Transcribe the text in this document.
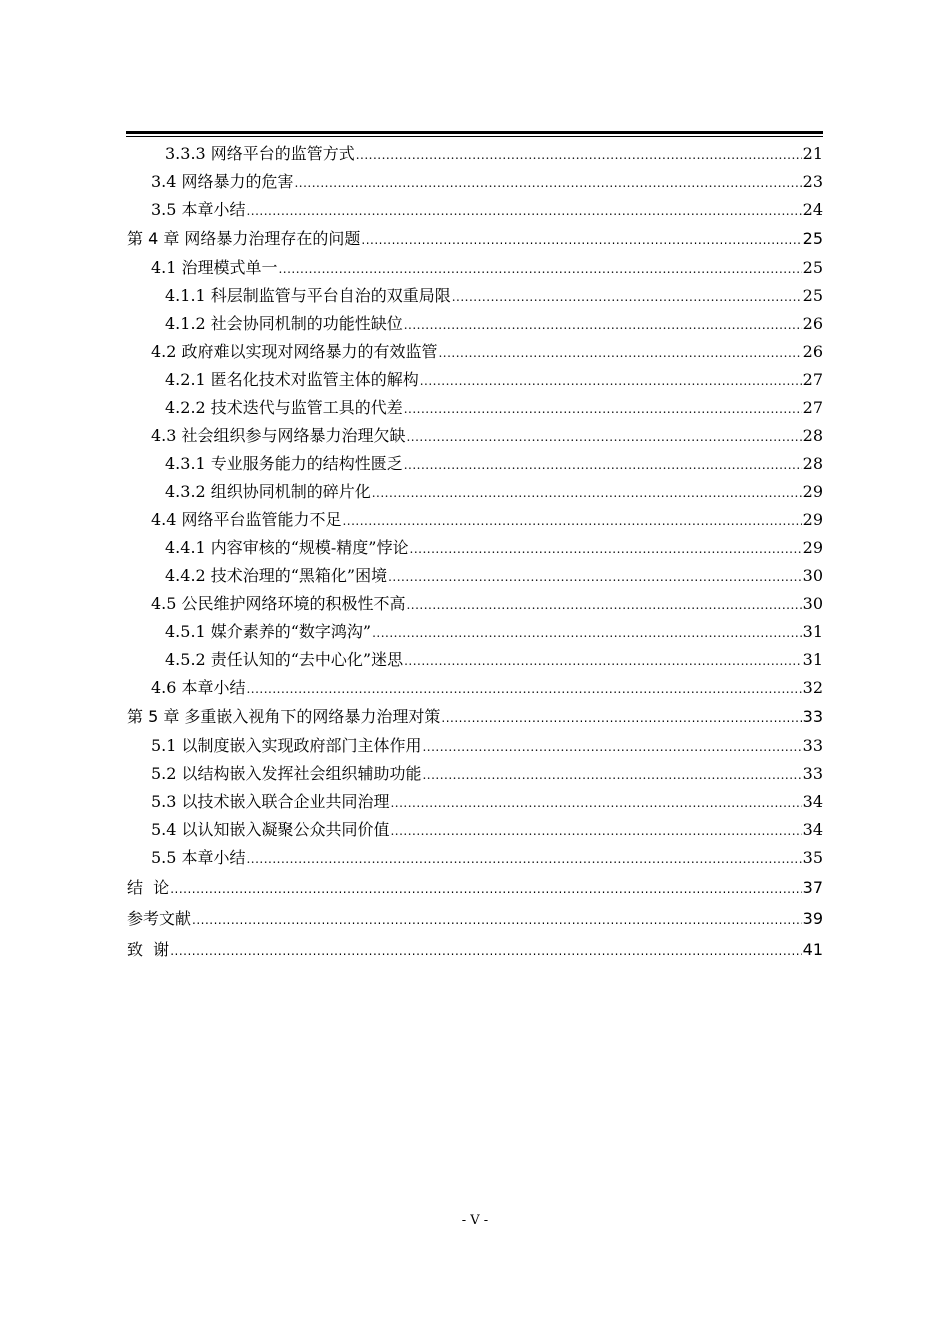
3.3.3 网络平台的监管方式 .....	21
3.4 网络暴力的危害 .....	23
3.5 本章小结 .....	24
第 4 章 网络暴力治理存在的问题 .....	25
4.1 治理模式单一 .....	25
4.1.1 科层制监管与平台自治的双重局限 .....	25
4.1.2 社会协同机制的功能性缺位 .....	26
4.2 政府难以实现对网络暴力的有效监管 .....	26
4.2.1 匿名化技术对监管主体的解构 .....	27
4.2.2 技术迭代与监管工具的代差 .....	27
4.3 社会组织参与网络暴力治理欠缺 .....	28
4.3.1 专业服务能力的结构性匮乏 .....	28
4.3.2 组织协同机制的碎片化 .....	29
4.4 网络平台监管能力不足 .....	29
4.4.1 内容审核的“规模-精度”悖论 .....	29
4.4.2 技术治理的“黑箱化”困境 .....	30
4.5 公民维护网络环境的积极性不高 .....	30
4.5.1 媒介素养的“数字鸿沟” .....	31
4.5.2 责任认知的“去中心化”迷思 .....	31
4.6 本章小结 .....	32
第 5 章 多重嵌入视角下的网络暴力治理对策 .....	33
5.1 以制度嵌入实现政府部门主体作用 .....	33
5.2 以结构嵌入发挥社会组织辅助功能 .....	33
5.3 以技术嵌入联合企业共同治理 .....	34
5.4 以认知嵌入凝聚公众共同价值 .....	34
5.5 本章小结 .....	35
结  论 .....	37
参考文献 .....	39
致  谢 .....	41
- V -
